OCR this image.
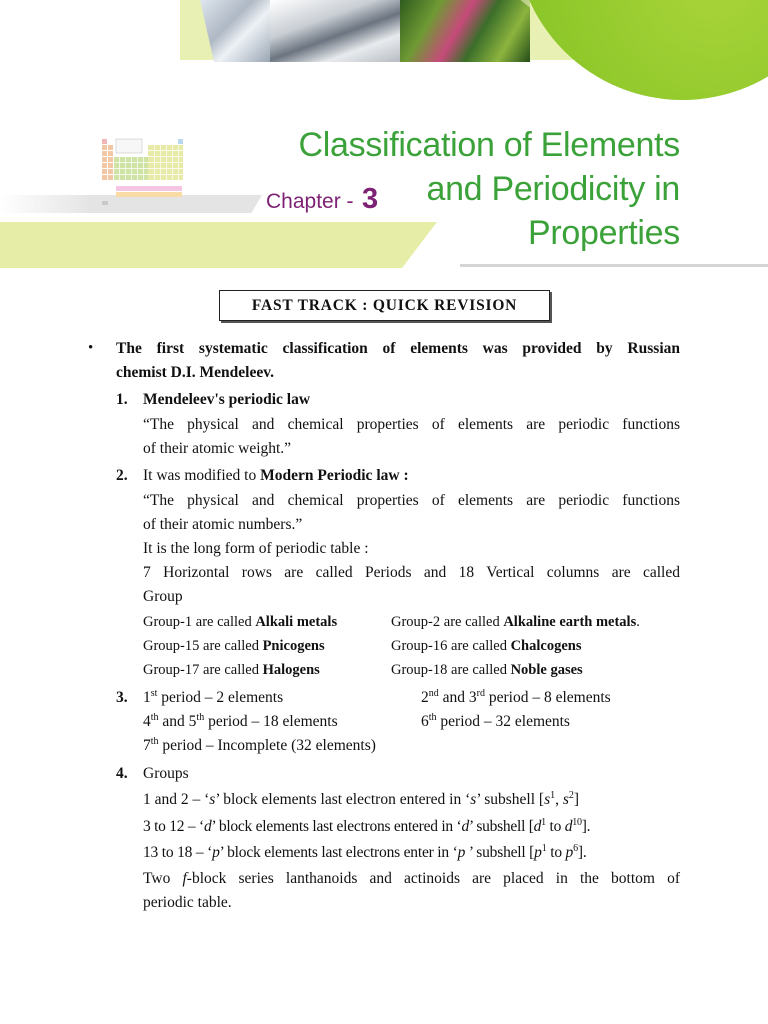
Chapter - 3
Classification of Elements
and Periodicity in
Properties
FAST TRACK : QUICK REVISION
• The first systematic classification of elements was provided by Russian
chemist D.I. Mendeleev.
1. Mendeleev's periodic law
“The physical and chemical properties of elements are periodic functions
of their atomic weight.”
2. It was modified to Modern Periodic law :
“The physical and chemical properties of elements are periodic functions
of their atomic numbers.”
It is the long form of periodic table :
7 Horizontal rows are called Periods and 18 Vertical columns are called
Group
Group-1 are called Alkali metals	Group-2 are called Alkaline earth metals.
Group-15 are called Pnicogens	Group-16 are called Chalcogens
Group-17 are called Halogens	Group-18 are called Noble gases
3. 1st period – 2 elements	2nd and 3rd period – 8 elements
4th and 5th period – 18 elements	6th period – 32 elements
7th period – Incomplete (32 elements)
4. Groups
1 and 2 – ‘s’ block elements last electron entered in ‘s’ subshell [$s^1$, $s^2$]
3 to 12 – ‘d’ block elements last electrons entered in ‘d’ subshell [$d^1$ to $d^{10}$].
13 to 18 – ‘p’ block elements last electrons enter in ‘p ’ subshell [$p^1$ to $p^6$].
Two f-block series lanthanoids and actinoids are placed in the bottom of
periodic table.
